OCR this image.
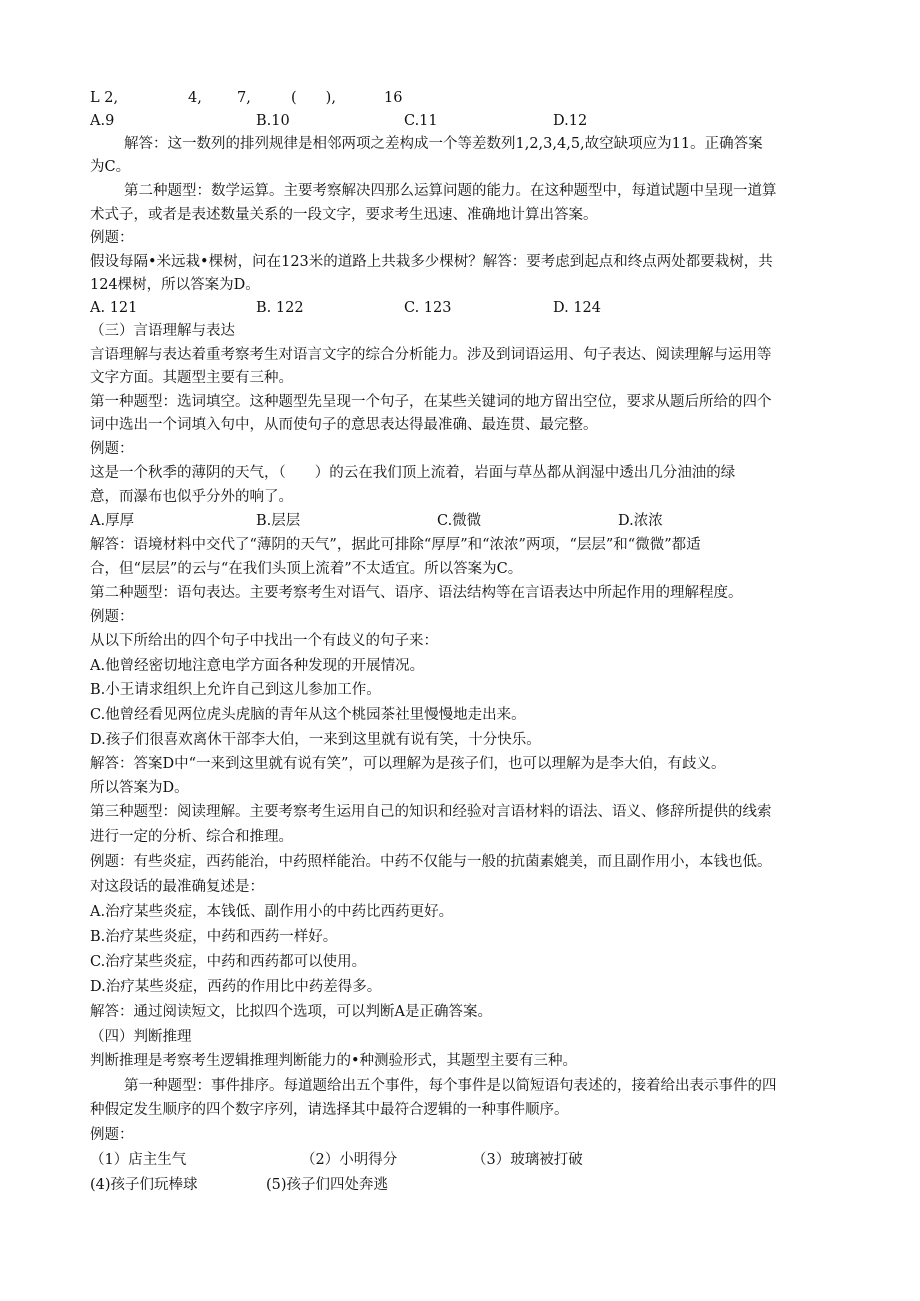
L 2,	4, 7,	(　　),	16
A.9	B.10	C.11	D.12
解答：这一数列的排列规律是相邻两项之差构成一个等差数列1,2,3,4,5,故空缺项应为11。正确答案
为C。
第二种题型：数学运算。主要考察解决四那么运算问题的能力。在这种题型中，每道试题中呈现一道算
术式子，或者是表述数量关系的一段文字，要求考生迅速、准确地计算出答案。
例题：
假设每隔•米远栽•棵树，问在123米的道路上共栽多少棵树？解答：要考虑到起点和终点两处都要栽树，共
124棵树，所以答案为D。
A. 121	B. 122	C. 123	D. 124
（三）言语理解与表达
言语理解与表达着重考察考生对语言文字的综合分析能力。涉及到词语运用、句子表达、阅读理解与运用等
文字方面。其题型主要有三种。
第一种题型：选词填空。这种题型先呈现一个句子，在某些关键词的地方留出空位，要求从题后所给的四个
词中选出一个词填入句中，从而使句子的意思表达得最准确、最连贯、最完整。
例题：
这是一个秋季的薄阴的天气，（　　）的云在我们顶上流着，岩面与草丛都从润湿中透出几分油油的绿
意，而瀑布也似乎分外的响了。
A.厚厚	B.层层	C.微微	D.浓浓
解答：语境材料中交代了“薄阴的天气”，据此可排除“厚厚”和“浓浓”两项，“层层”和“微微”都适
合，但“层层”的云与“在我们头顶上流着”不太适宜。所以答案为C。
第二种题型：语句表达。主要考察考生对语气、语序、语法结构等在言语表达中所起作用的理解程度。
例题：
从以下所给出的四个句子中找出一个有歧义的句子来：
A.他曾经密切地注意电学方面各种发现的开展情况。
B.小王请求组织上允许自己到这儿参加工作。
C.他曾经看见两位虎头虎脑的青年从这个桃园茶社里慢慢地走出来。
D.孩子们很喜欢离休干部李大伯，一来到这里就有说有笑，十分快乐。
解答：答案D中“一来到这里就有说有笑”，可以理解为是孩子们，也可以理解为是李大伯，有歧义。
所以答案为D。
第三种题型：阅读理解。主要考察考生运用自己的知识和经验对言语材料的语法、语义、修辞所提供的线索
进行一定的分析、综合和推理。
例题：有些炎症，西药能治，中药照样能治。中药不仅能与一般的抗菌素媲美，而且副作用小，本钱也低。
对这段话的最准确复述是：
A.治疗某些炎症，本钱低、副作用小的中药比西药更好。
B.治疗某些炎症，中药和西药一样好。
C.治疗某些炎症，中药和西药都可以使用。
D.治疗某些炎症，西药的作用比中药差得多。
解答：通过阅读短文，比拟四个选项，可以判断A是正确答案。
（四）判断推理
判断推理是考察考生逻辑推理判断能力的•种测验形式，其题型主要有三种。
第一种题型：事件排序。每道题给出五个事件，每个事件是以简短语句表述的，接着给出表示事件的四
种假定发生顺序的四个数字序列，请选择其中最符合逻辑的一种事件顺序。
例题：
（1）店主生气	（2）小明得分	（3）玻璃被打破
(4)孩子们玩棒球	(5)孩子们四处奔逃
